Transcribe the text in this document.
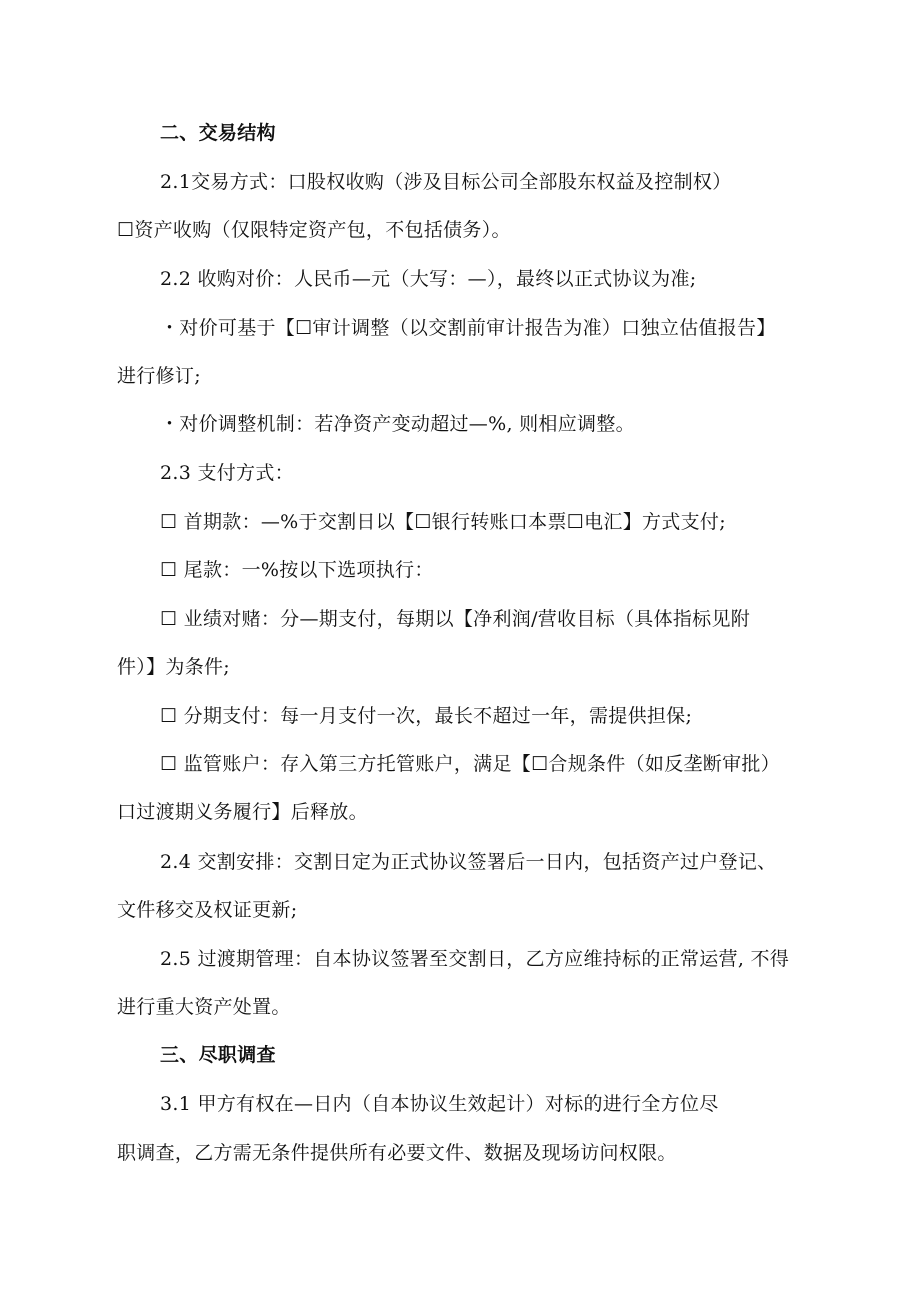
二、交易结构
2.1交易方式：口股权收购（涉及目标公司全部股东权益及控制权）
☐资产收购（仅限特定资产包，不包括债务）。
2.2 收购对价：人民币—元（大写：—），最终以正式协议为准;
・对价可基于【☐审计调整（以交割前审计报告为准）口独立估值报告】
进行修订;
・对价调整机制：若净资产变动超过—%, 则相应调整。
2.3 支付方式：
☐ 首期款：—%于交割日以【☐银行转账口本票☐电汇】方式支付;
☐ 尾款：一%按以下选项执行：
☐ 业绩对赌：分—期支付，每期以【净利润/营收目标（具体指标见附
件）】为条件;
☐ 分期支付：每一月支付一次，最长不超过一年，需提供担保;
☐ 监管账户：存入第三方托管账户，满足【☐合规条件（如反垄断审批）
口过渡期义务履行】后释放。
2.4 交割安排：交割日定为正式协议签署后一日内，包括资产过户登记、
文件移交及权证更新;
2.5 过渡期管理：自本协议签署至交割日，乙方应维持标的正常运营, 不得
进行重大资产处置。
三、尽职调查
3.1 甲方有权在—日内（自本协议生效起计）对标的进行全方位尽
职调查，乙方需无条件提供所有必要文件、数据及现场访问权限。
